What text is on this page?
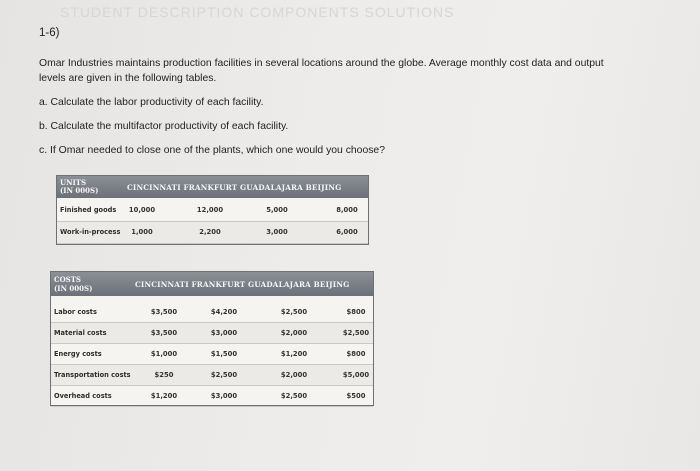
STUDENT DESCRIPTION COMPONENTS SOLUTIONS
1-6)
Omar Industries maintains production facilities in several locations around the globe. Average monthly cost data and output
levels are given in the following tables.
a. Calculate the labor productivity of each facility.
b. Calculate the multifactor productivity of each facility.
c. If Omar needed to close one of the plants, which one would you choose?
UNITS
(IN 000S)	CINCINNATI FRANKFURT GUADALAJARA BEIJING
Finished goods	10,000	12,000	5,000	8,000
Work-in-process	1,000	2,200	3,000	6,000
COSTS
(IN 000S)	CINCINNATI FRANKFURT GUADALAJARA BEIJING
Labor costs	$3,500	$4,200	$2,500	$800
Material costs	$3,500	$3,000	$2,000	$2,500
Energy costs	$1,000	$1,500	$1,200	$800
Transportation costs	$250	$2,500	$2,000	$5,000
Overhead costs	$1,200	$3,000	$2,500	$500
